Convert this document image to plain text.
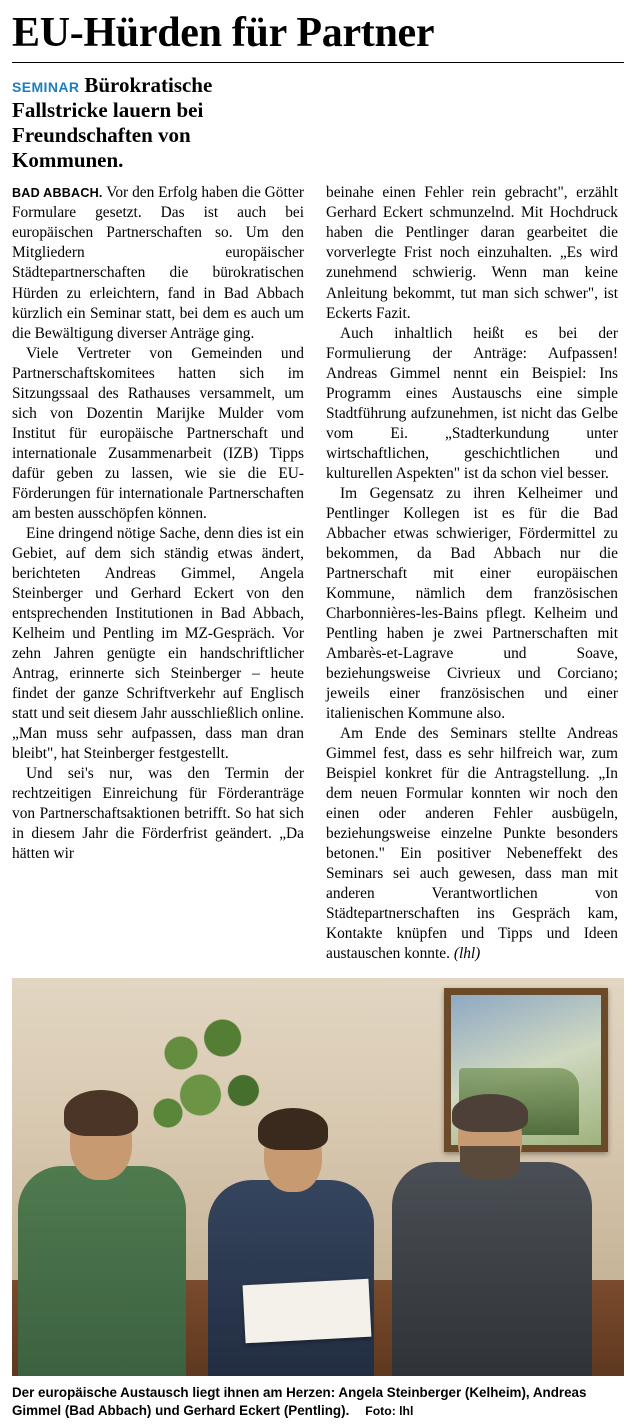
EU-Hürden für Partner
SEMINAR Bürokratische Fallstricke lauern bei Freundschaften von Kommunen.

BAD ABBACH. Vor den Erfolg haben die Götter Formulare gesetzt. Das ist auch bei europäischen Partnerschaften so. Um den Mitgliedern europäischer Städtepartnerschaften die bürokratischen Hürden zu erleichtern, fand in Bad Abbach kürzlich ein Seminar statt, bei dem es auch um die Bewältigung diverser Anträge ging.

Viele Vertreter von Gemeinden und Partnerschaftskomitees hatten sich im Sitzungssaal des Rathauses versammelt, um sich von Dozentin Marijke Mulder vom Institut für europäische Partnerschaft und internationale Zusammenarbeit (IZB) Tipps dafür geben zu lassen, wie sie die EU-Förderungen für internationale Partnerschaften am besten ausschöpfen können.

Eine dringend nötige Sache, denn dies ist ein Gebiet, auf dem sich ständig etwas ändert, berichteten Andreas Gimmel, Angela Steinberger und Gerhard Eckert von den entsprechenden Institutionen in Bad Abbach, Kelheim und Pentling im MZ-Gespräch. Vor zehn Jahren genügte ein handschriftlicher Antrag, erinnerte sich Steinberger – heute findet der ganze Schriftverkehr auf Englisch statt und seit diesem Jahr ausschließlich online. „Man muss sehr aufpassen, dass man dran bleibt", hat Steinberger festgestellt.

Und sei's nur, was den Termin der rechtzeitigen Einreichung für Förderanträge von Partnerschaftsaktionen betrifft. So hat sich in diesem Jahr die Förderfrist geändert. „Da hätten wir

beinahe einen Fehler rein gebracht", erzählt Gerhard Eckert schmunzelnd. Mit Hochdruck haben die Pentlinger daran gearbeitet die vorverlegte Frist noch einzuhalten. „Es wird zunehmend schwierig. Wenn man keine Anleitung bekommt, tut man sich schwer", ist Eckerts Fazit.

Auch inhaltlich heißt es bei der Formulierung der Anträge: Aufpassen! Andreas Gimmel nennt ein Beispiel: Ins Programm eines Austauschs eine simple Stadtführung aufzunehmen, ist nicht das Gelbe vom Ei. „Stadterkundung unter wirtschaftlichen, geschichtlichen und kulturellen Aspekten" ist da schon viel besser.

Im Gegensatz zu ihren Kelheimer und Pentlinger Kollegen ist es für die Bad Abbacher etwas schwieriger, Fördermittel zu bekommen, da Bad Abbach nur die Partnerschaft mit einer europäischen Kommune, nämlich dem französischen Charbonnières-les-Bains pflegt. Kelheim und Pentling haben je zwei Partnerschaften mit Ambarès-et-Lagrave und Soave, beziehungsweise Civrieux und Corciano; jeweils einer französischen und einer italienischen Kommune also.

Am Ende des Seminars stellte Andreas Gimmel fest, dass es sehr hilfreich war, zum Beispiel konkret für die Antragstellung. „In dem neuen Formular konnten wir noch den einen oder anderen Fehler ausbügeln, beziehungsweise einzelne Punkte besonders betonen." Ein positiver Nebeneffekt des Seminars sei auch gewesen, dass man mit anderen Verantwortlichen von Städtepartnerschaften ins Gespräch kam, Kontakte knüpfen und Tipps und Ideen austauschen konnte. (lhl)

Der europäische Austausch liegt ihnen am Herzen: Angela Steinberger (Kelheim), Andreas Gimmel (Bad Abbach) und Gerhard Eckert (Pentling). Foto: lhl
